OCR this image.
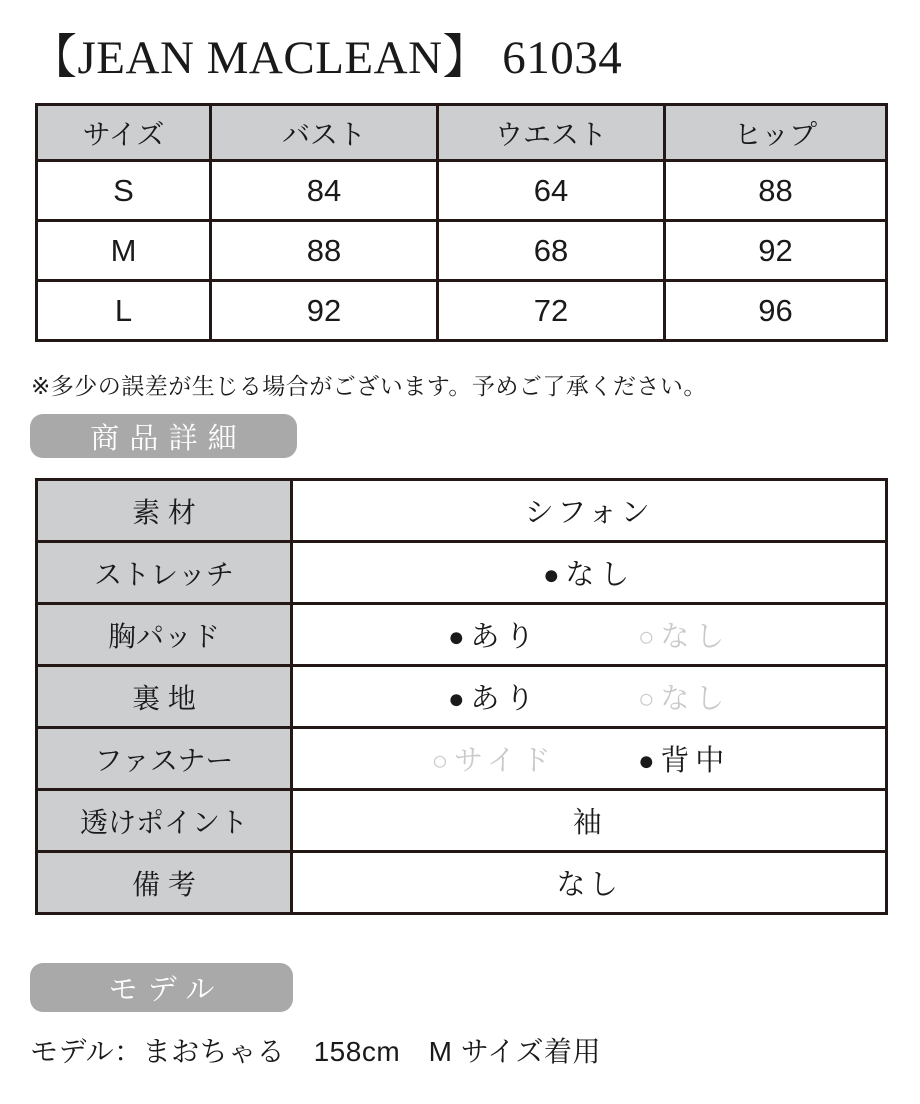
【JEAN MACLEAN】 61034
サイズ	バスト	ウエスト	ヒップ
S	84	64	88
M	88	68	92
L	92	72	96

※多少の誤差が生じる場合がございます。予めご了承ください。

商品詳細
素 材	シフォン
ストレッチ	●なし

胸パッド	●あり ○なし

裏 地	●あり ○なし

ファスナー	○サイド ●背中

透けポイント	袖
備 考	なし
モデル

モデル：まおちゃる　158cm　M サイズ着用
